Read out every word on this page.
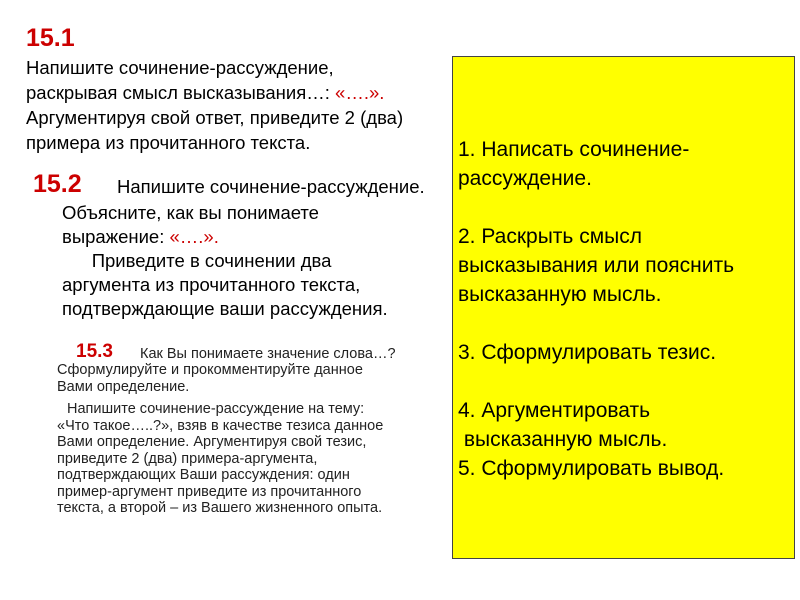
15.1
Напишите сочинение-рассуждение,
раскрывая смысл высказывания…: «….».
Аргументируя свой ответ, приведите 2 (два)
примера из прочитанного текста.
15.2 Напишите сочинение-рассуждение.
Объясните, как вы понимаете
выражение: «….».
Приведите в сочинении два
аргумента из прочитанного текста,
подтверждающие ваши рассуждения.
15.3 Как Вы понимаете значение слова…?
Сформулируйте и прокомментируйте данное
Вами определение.
Напишите сочинение-рассуждение на тему:
«Что такое…..?», взяв в качестве тезиса данное
Вами определение. Аргументируя свой тезис,
приведите 2 (два) примера-аргумента,
подтверждающих Ваши рассуждения: один
пример-аргумент приведите из прочитанного
текста, а второй – из Вашего жизненного опыта.
1. Написать сочинение-
рассуждение.
2. Раскрыть смысл
высказывания или пояснить
высказанную мысль.
3. Сформулировать тезис.
4. Аргументировать
высказанную мысль.
5. Сформулировать вывод.
